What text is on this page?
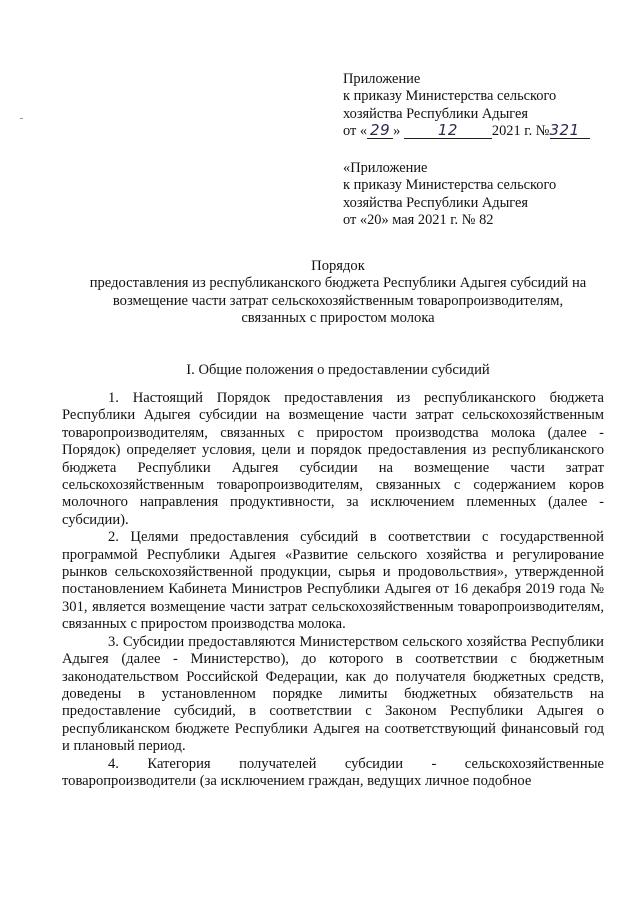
Приложение
к приказу Министерства сельского
хозяйства Республики Адыгея
от « 29 »	12 2021 г. №321
«Приложение
к приказу Министерства сельского
хозяйства Республики Адыгея
от «20» мая 2021 г. № 82
Порядок
предоставления из республиканского бюджета Республики Адыгея субсидий на
возмещение части затрат сельскохозяйственным товаропроизводителям,
связанных с приростом молока
I. Общие положения о предоставлении субсидий

1. Настоящий Порядок предоставления из республиканского бюджета Республики Адыгея субсидии на возмещение части затрат сельскохозяйственным товаропроизводителям, связанных с приростом производства молока (далее - Порядок) определяет условия, цели и порядок предоставления из республиканского бюджета Республики Адыгея субсидии на возмещение части затрат сельскохозяйственным товаропроизводителям, связанных с содержанием коров молочного направления продуктивности, за исключением племенных (далее - субсидии).

2. Целями предоставления субсидий в соответствии с государственной программой Республики Адыгея «Развитие сельского хозяйства и регулирование рынков сельскохозяйственной продукции, сырья и продовольствия», утвержденной постановлением Кабинета Министров Республики Адыгея от 16 декабря 2019 года № 301, является возмещение части затрат сельскохозяйственным товаропроизводителям, связанных с приростом производства молока.

3. Субсидии предоставляются Министерством сельского хозяйства Республики Адыгея (далее - Министерство), до которого в соответствии с бюджетным законодательством Российской Федерации, как до получателя бюджетных средств, доведены в установленном порядке лимиты бюджетных обязательств на предоставление субсидий, в соответствии с Законом Республики Адыгея о республиканском бюджете Республики Адыгея на соответствующий финансовый год и плановый период.

4. Категория получателей субсидии - сельскохозяйственные товаропроизводители (за исключением граждан, ведущих личное подобное
